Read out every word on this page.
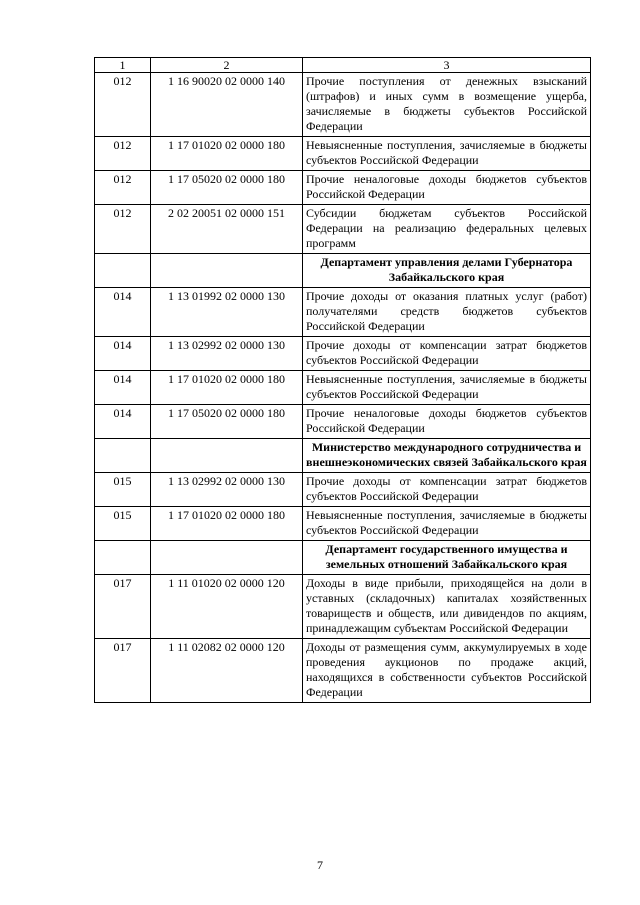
1	2	3
012	1 16 90020 02 0000 140	Прочие поступления от денежных взысканий (штрафов) и иных сумм в возмещение ущерба, зачисляемые в бюджеты субъектов Российской Федерации
012	1 17 01020 02 0000 180	Невыясненные поступления, зачисляемые в бюджеты субъектов Российской Федерации
012	1 17 05020 02 0000 180	Прочие неналоговые доходы бюджетов субъектов Российской Федерации
012	2 02 20051 02 0000 151	Субсидии бюджетам субъектов Российской Федерации на реализацию федеральных целевых программ
		Департамент управления делами Губернатора Забайкальского края
014	1 13 01992 02 0000 130	Прочие доходы от оказания платных услуг (работ) получателями средств бюджетов субъектов Российской Федерации
014	1 13 02992 02 0000 130	Прочие доходы от компенсации затрат бюджетов субъектов Российской Федерации
014	1 17 01020 02 0000 180	Невыясненные поступления, зачисляемые в бюджеты субъектов Российской Федерации
014	1 17 05020 02 0000 180	Прочие неналоговые доходы бюджетов субъектов Российской Федерации
		Министерство международного сотрудничества и внешнеэкономических связей Забайкальского края
015	1 13 02992 02 0000 130	Прочие доходы от компенсации затрат бюджетов субъектов Российской Федерации
015	1 17 01020 02 0000 180	Невыясненные поступления, зачисляемые в бюджеты субъектов Российской Федерации
		Департамент государственного имущества и земельных отношений Забайкальского края
017	1 11 01020 02 0000 120	Доходы в виде прибыли, приходящейся на доли в уставных (складочных) капиталах хозяйственных товариществ и обществ, или дивидендов по акциям, принадлежащим субъектам Российской Федерации
017	1 11 02082 02 0000 120	Доходы от размещения сумм, аккумулируемых в ходе проведения аукционов по продаже акций, находящихся в собственности субъектов Российской Федерации
7
